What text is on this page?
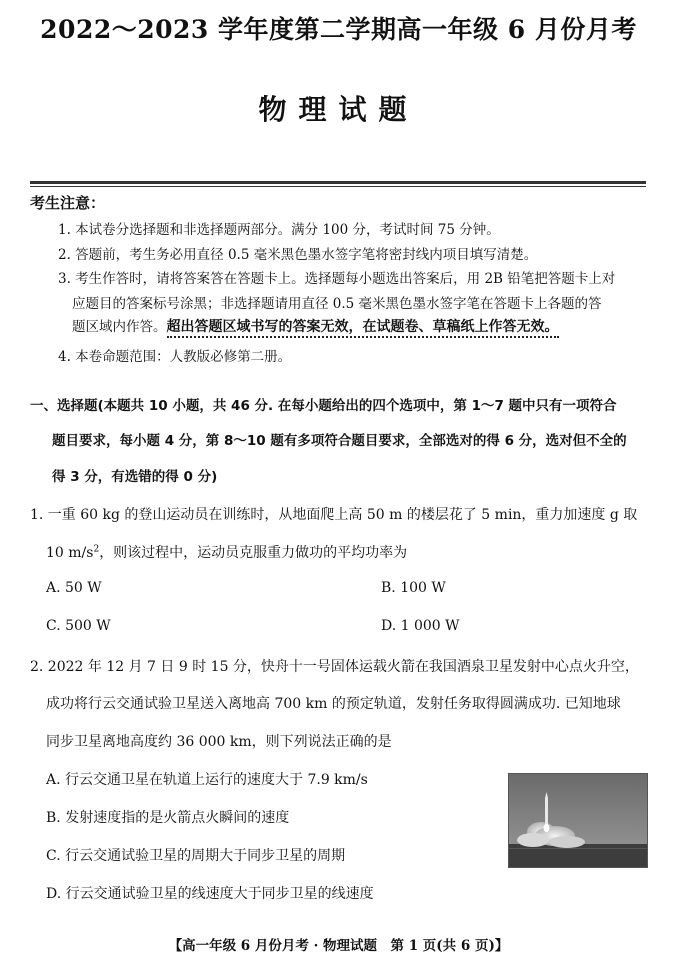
2022～2023 学年度第二学期高一年级 6 月份月考
物理试题
考生注意：
1. 本试卷分选择题和非选择题两部分。满分 100 分，考试时间 75 分钟。
2. 答题前，考生务必用直径 0.5 毫米黑色墨水签字笔将密封线内项目填写清楚。
3. 考生作答时，请将答案答在答题卡上。选择题每小题选出答案后，用 2B 铅笔把答题卡上对
应题目的答案标号涂黑；非选择题请用直径 0.5 毫米黑色墨水签字笔在答题卡上各题的答
题区域内作答。超出答题区域书写的答案无效，在试题卷、草稿纸上作答无效。
4. 本卷命题范围：人教版必修第二册。
一、选择题(本题共 10 小题，共 46 分. 在每小题给出的四个选项中，第 1～7 题中只有一项符合
题目要求，每小题 4 分，第 8～10 题有多项符合题目要求，全部选对的得 6 分，选对但不全的
得 3 分，有选错的得 0 分)
1. 一重 60 kg 的登山运动员在训练时，从地面爬上高 50 m 的楼层花了 5 min，重力加速度 g 取
10 $m/s^2$，则该过程中，运动员克服重力做功的平均功率为
A. 50 W	B. 100 W
C. 500 W	D. 1 000 W
2. 2022 年 12 月 7 日 9 时 15 分，快舟十一号固体运载火箭在我国酒泉卫星发射中心点火升空，
成功将行云交通试验卫星送入离地高 700 km 的预定轨道，发射任务取得圆满成功. 已知地球
同步卫星离地高度约 36 000 km，则下列说法正确的是
A. 行云交通卫星在轨道上运行的速度大于 7.9 km/s
B. 发射速度指的是火箭点火瞬间的速度
C. 行云交通试验卫星的周期大于同步卫星的周期
D. 行云交通试验卫星的线速度大于同步卫星的线速度
【高一年级 6 月份月考 · 物理试题　第 1 页(共 6 页)】
